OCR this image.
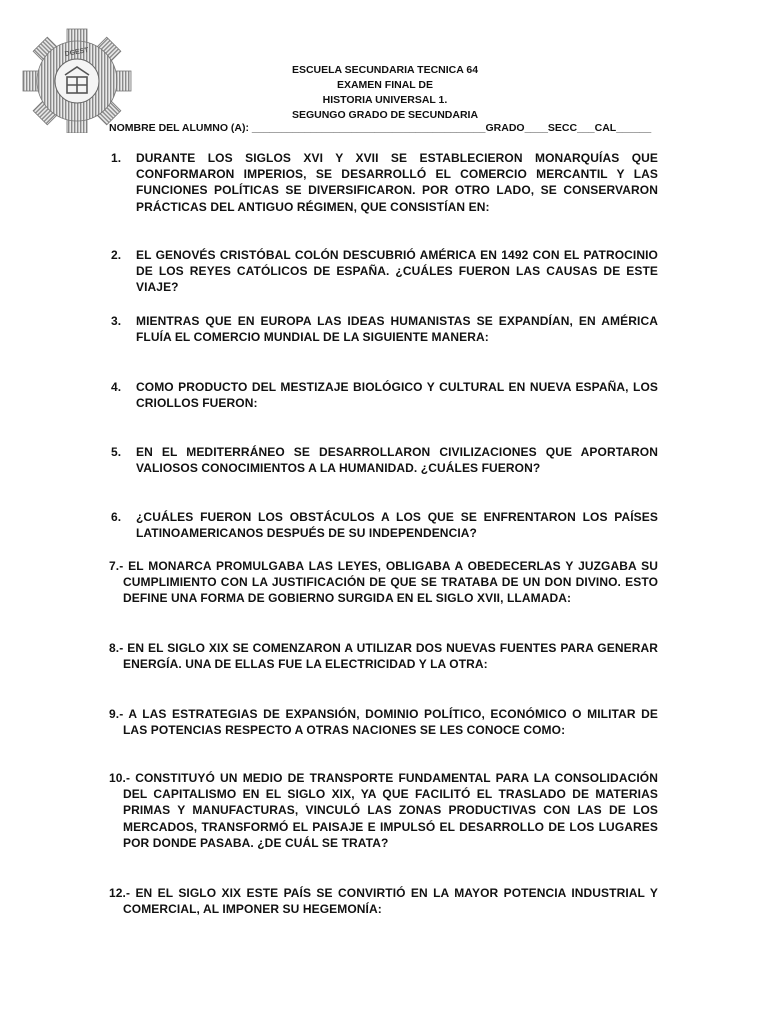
DGEST
ESCUELA SECUNDARIA TECNICA 64
EXAMEN FINAL DE
HISTORIA UNIVERSAL 1.
SEGUNGO GRADO DE SECUNDARIA
NOMBRE DEL ALUMNO (A): ________________________________________GRADO____SECC___CAL______
1. DURANTE LOS SIGLOS XVI Y XVII SE ESTABLECIERON MONARQUÍAS QUE CONFORMARON IMPERIOS, SE DESARROLLÓ EL COMERCIO MERCANTIL Y LAS FUNCIONES POLÍTICAS SE DIVERSIFICARON. POR OTRO LADO, SE CONSERVARON PRÁCTICAS DEL ANTIGUO RÉGIMEN, QUE CONSISTÍAN EN:
2. EL GENOVÉS CRISTÓBAL COLÓN DESCUBRIÓ AMÉRICA EN 1492 CON EL PATROCINIO DE LOS REYES CATÓLICOS DE ESPAÑA. ¿CUÁLES FUERON LAS CAUSAS DE ESTE VIAJE?
3. MIENTRAS QUE EN EUROPA LAS IDEAS HUMANISTAS SE EXPANDÍAN, EN AMÉRICA FLUÍA EL COMERCIO MUNDIAL DE LA SIGUIENTE MANERA:
4. COMO PRODUCTO DEL MESTIZAJE BIOLÓGICO Y CULTURAL EN NUEVA ESPAÑA, LOS CRIOLLOS FUERON:
5. EN EL MEDITERRÁNEO SE DESARROLLARON CIVILIZACIONES QUE APORTARON VALIOSOS CONOCIMIENTOS A LA HUMANIDAD. ¿CUÁLES FUERON?
6. ¿CUÁLES FUERON LOS OBSTÁCULOS A LOS QUE SE ENFRENTARON LOS PAÍSES LATINOAMERICANOS DESPUÉS DE SU INDEPENDENCIA?
7.- EL MONARCA PROMULGABA LAS LEYES, OBLIGABA A OBEDECERLAS Y JUZGABA SU CUMPLIMIENTO CON LA JUSTIFICACIÓN DE QUE SE TRATABA DE UN DON DIVINO. ESTO DEFINE UNA FORMA DE GOBIERNO SURGIDA EN EL SIGLO XVII, LLAMADA:
8.- EN EL SIGLO XIX SE COMENZARON A UTILIZAR DOS NUEVAS FUENTES PARA GENERAR ENERGÍA. UNA DE ELLAS FUE LA ELECTRICIDAD Y LA OTRA:
9.- A LAS ESTRATEGIAS DE EXPANSIÓN, DOMINIO POLÍTICO, ECONÓMICO O MILITAR DE LAS POTENCIAS RESPECTO A OTRAS NACIONES SE LES CONOCE COMO:
10.- CONSTITUYÓ UN MEDIO DE TRANSPORTE FUNDAMENTAL PARA LA CONSOLIDACIÓN DEL CAPITALISMO EN EL SIGLO XIX, YA QUE FACILITÓ EL TRASLADO DE MATERIAS PRIMAS Y MANUFACTURAS, VINCULÓ LAS ZONAS PRODUCTIVAS CON LAS DE LOS MERCADOS, TRANSFORMÓ EL PAISAJE E IMPULSÓ EL DESARROLLO DE LOS LUGARES POR DONDE PASABA. ¿DE CUÁL SE TRATA?
12.- EN EL SIGLO XIX ESTE PAÍS SE CONVIRTIÓ EN LA MAYOR POTENCIA INDUSTRIAL Y COMERCIAL, AL IMPONER SU HEGEMONÍA:
